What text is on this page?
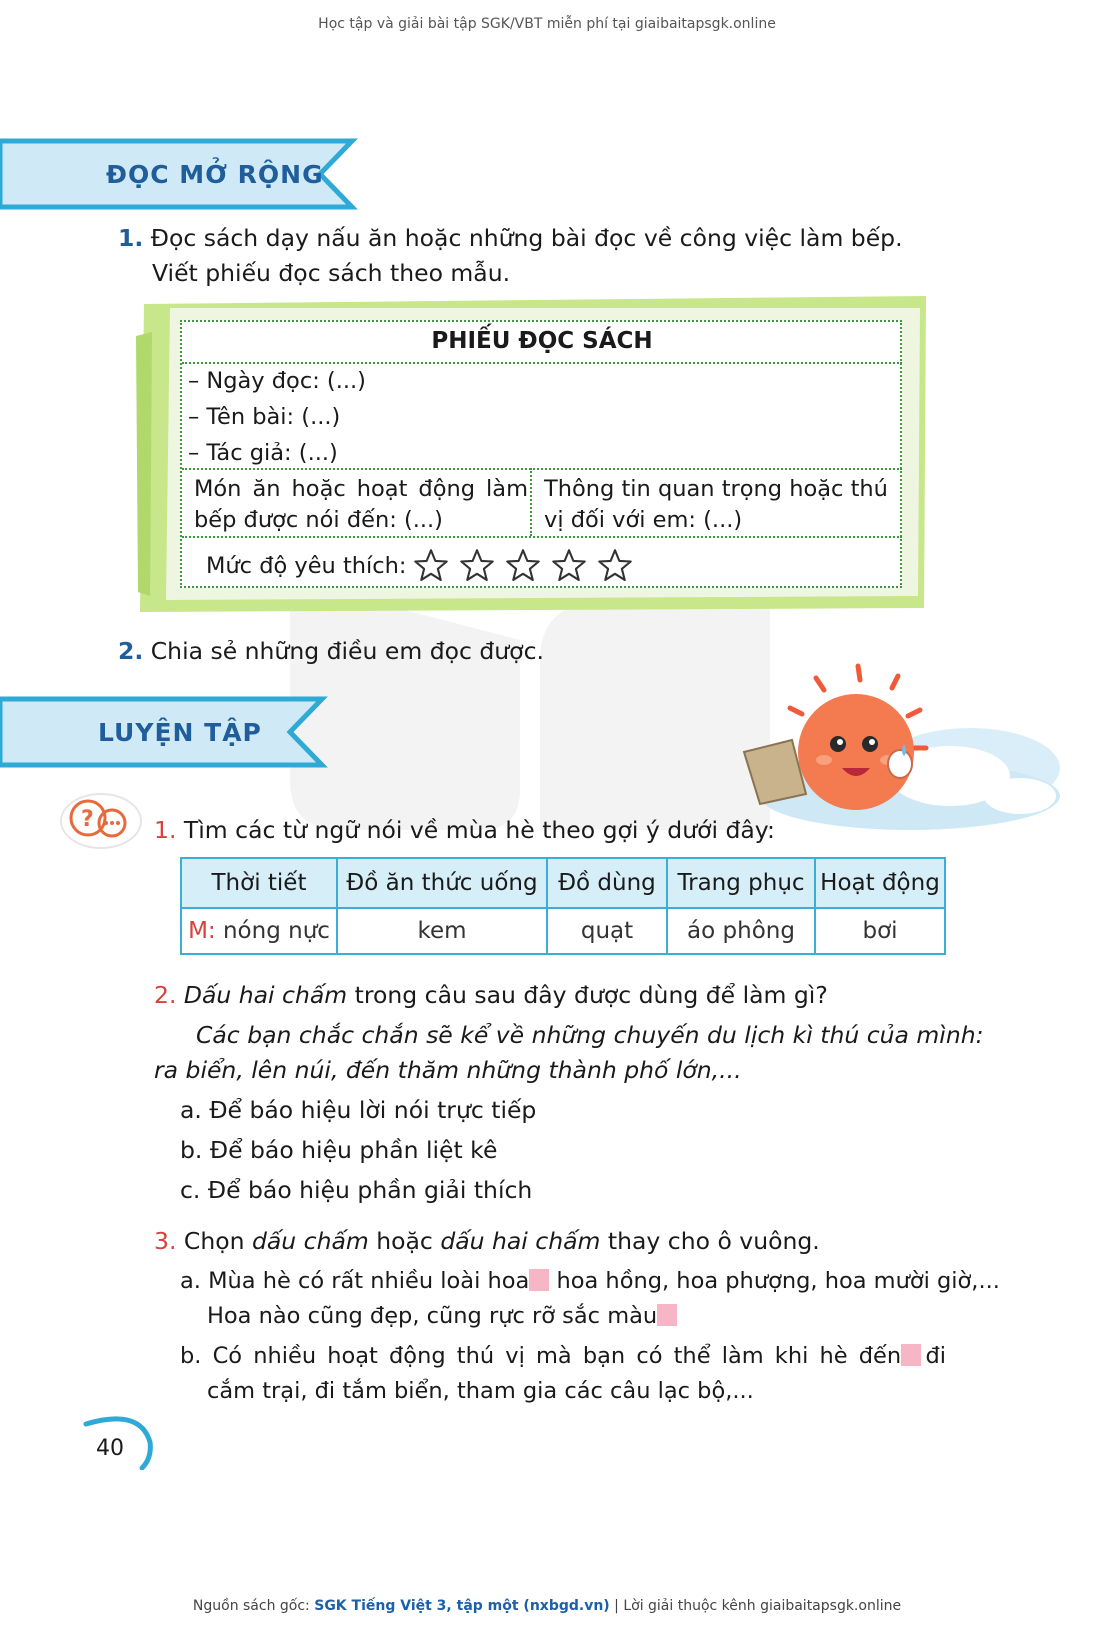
Học tập và giải bài tập SGK/VBT miễn phí tại giaibaitapsgk.online
ĐỌC MỞ RỘNG
1. Đọc sách dạy nấu ăn hoặc những bài đọc về công việc làm bếp.
Viết phiếu đọc sách theo mẫu.
PHIẾU ĐỌC SÁCH
– Ngày đọc: (...)
– Tên bài: (...)
– Tác giả: (...)
Món ăn hoặc hoạt động làm bếp được nói đến: (...)
Thông tin quan trọng hoặc thú vị đối với em: (...)
Mức độ yêu thích:
2. Chia sẻ những điều em đọc được.
LUYỆN TẬP
?	1. Tìm các từ ngữ nói về mùa hè theo gợi ý dưới đây:
Thời tiết	Đồ ăn thức uống	Đồ dùng	Trang phục	Hoạt động
M: nóng nực	kem	quạt	áo phông	bơi
2. Dấu hai chấm trong câu sau đây được dùng để làm gì?
Các bạn chắc chắn sẽ kể về những chuyến du lịch kì thú của mình:
ra biển, lên núi, đến thăm những thành phố lớn,...
a. Để báo hiệu lời nói trực tiếp
b. Để báo hiệu phần liệt kê
c. Để báo hiệu phần giải thích
3. Chọn dấu chấm hoặc dấu hai chấm thay cho ô vuông.
a. Mùa hè có rất nhiều loài hoa hoa hồng, hoa phượng, hoa mười giờ,...
Hoa nào cũng đẹp, cũng rực rỡ sắc màu
b. Có nhiều hoạt động thú vị mà bạn có thể làm khi hè đến	đi
cắm trại, đi tắm biển, tham gia các câu lạc bộ,...
40
Nguồn sách gốc: SGK Tiếng Việt 3, tập một (nxbgd.vn) | Lời giải thuộc kênh giaibaitapsgk.online
